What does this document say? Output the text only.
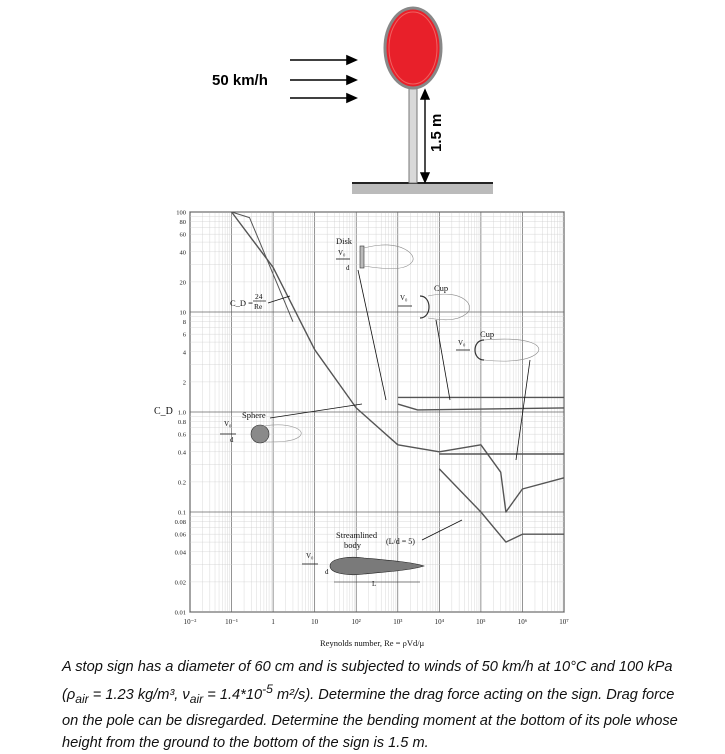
50 km/h
1.5 m
100
80
60
40
20
10
8
6
4
2
1.0
0.8
0.6
0.4
0.2
0.1
0.08
0.06
0.04
0.02
0.01
10⁻²	10⁻¹	1	10	10²	10³	10⁴	10⁵	10⁶	10⁷
C_D
C_D =
24
Re
Disk
V₀
d
Cup
V₀
Cup
V₀
Sphere
V₀
d
Streamlined
body	(L/d = 5)
V₀
d
L
Reynolds number, Re = ρVd/μ

A stop sign has a diameter of 60 cm and is subjected to winds of 50 km/h at 10°C and 100 kPa ($\rho_{air} = 1.23$ kg/m³, $\nu_{air} = 1.4*10^{-5}$ m²/s). Determine the drag force acting on the sign. Drag force on the pole can be disregarded. Determine the bending moment at the bottom of its pole whose height from the ground to the bottom of the sign is 1.5 m.
